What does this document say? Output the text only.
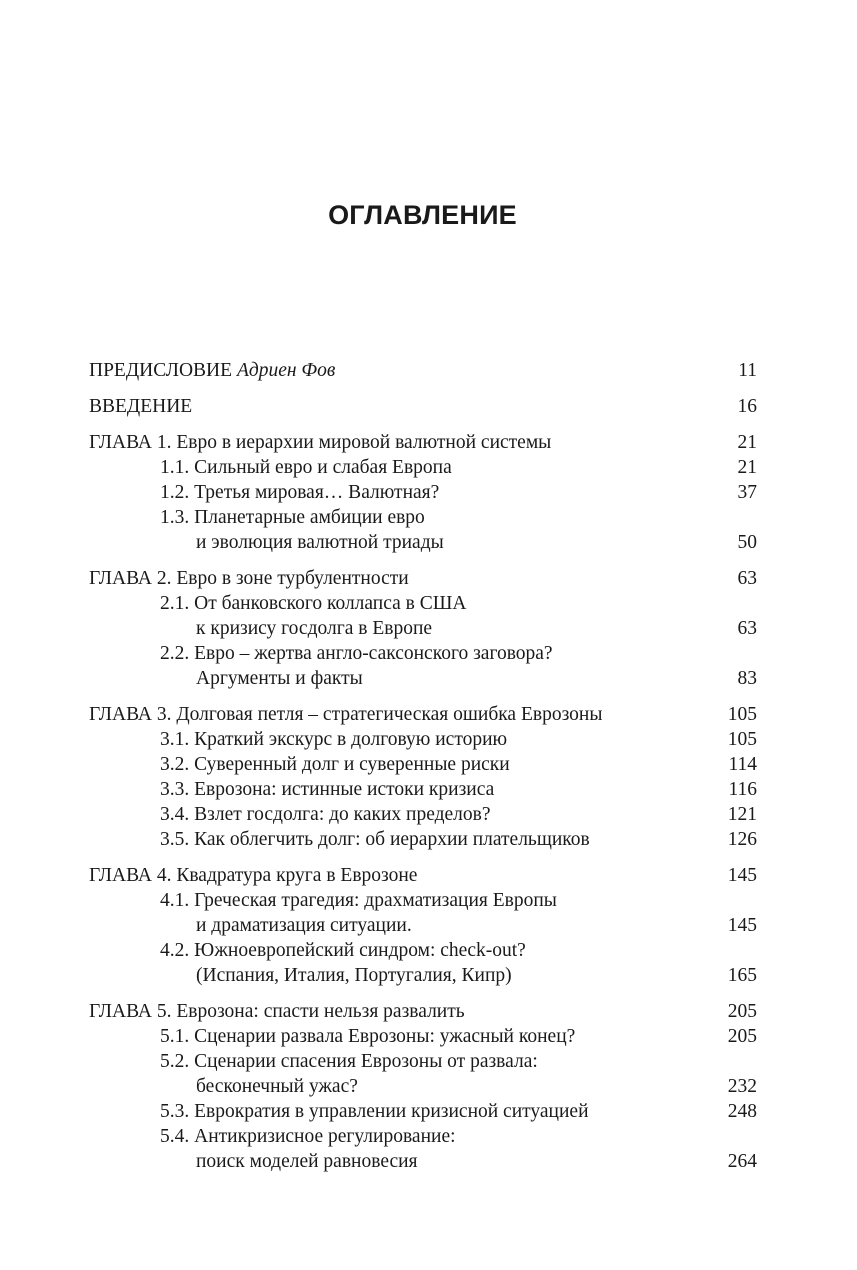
ОГЛАВЛЕНИЕ
ПРЕДИСЛОВИЕ Адриен Фов	11
ВВЕДЕНИЕ	16
ГЛАВА 1. Евро в иерархии мировой валютной системы	21
1.1. Сильный евро и слабая Европа	21
1.2. Третья мировая… Валютная?	37
1.3. Планетарные амбиции евро
и эволюция валютной триады	50
ГЛАВА 2. Евро в зоне турбулентности	63
2.1. От банковского коллапса в США
к кризису госдолга в Европе	63
2.2. Евро – жертва англо-саксонского заговора?
Аргументы и факты	83
ГЛАВА 3. Долговая петля – стратегическая ошибка Еврозоны	105
3.1. Краткий экскурс в долговую историю	105
3.2. Суверенный долг и суверенные риски	114
3.3. Еврозона: истинные истоки кризиса	116
3.4. Взлет госдолга: до каких пределов?	121
3.5. Как облегчить долг: об иерархии плательщиков	126
ГЛАВА 4. Квадратура круга в Еврозоне	145
4.1. Греческая трагедия: драхматизация Европы
и драматизация ситуации.	145
4.2. Южноевропейский синдром: check-out?
(Испания, Италия, Португалия, Кипр)	165
ГЛАВА 5. Еврозона: спасти нельзя развалить	205
5.1. Сценарии развала Еврозоны: ужасный конец?	205
5.2. Сценарии спасения Еврозоны от развала:
бесконечный ужас?	232
5.3. Еврократия в управлении кризисной ситуацией	248
5.4. Антикризисное регулирование:
поиск моделей равновесия	264
